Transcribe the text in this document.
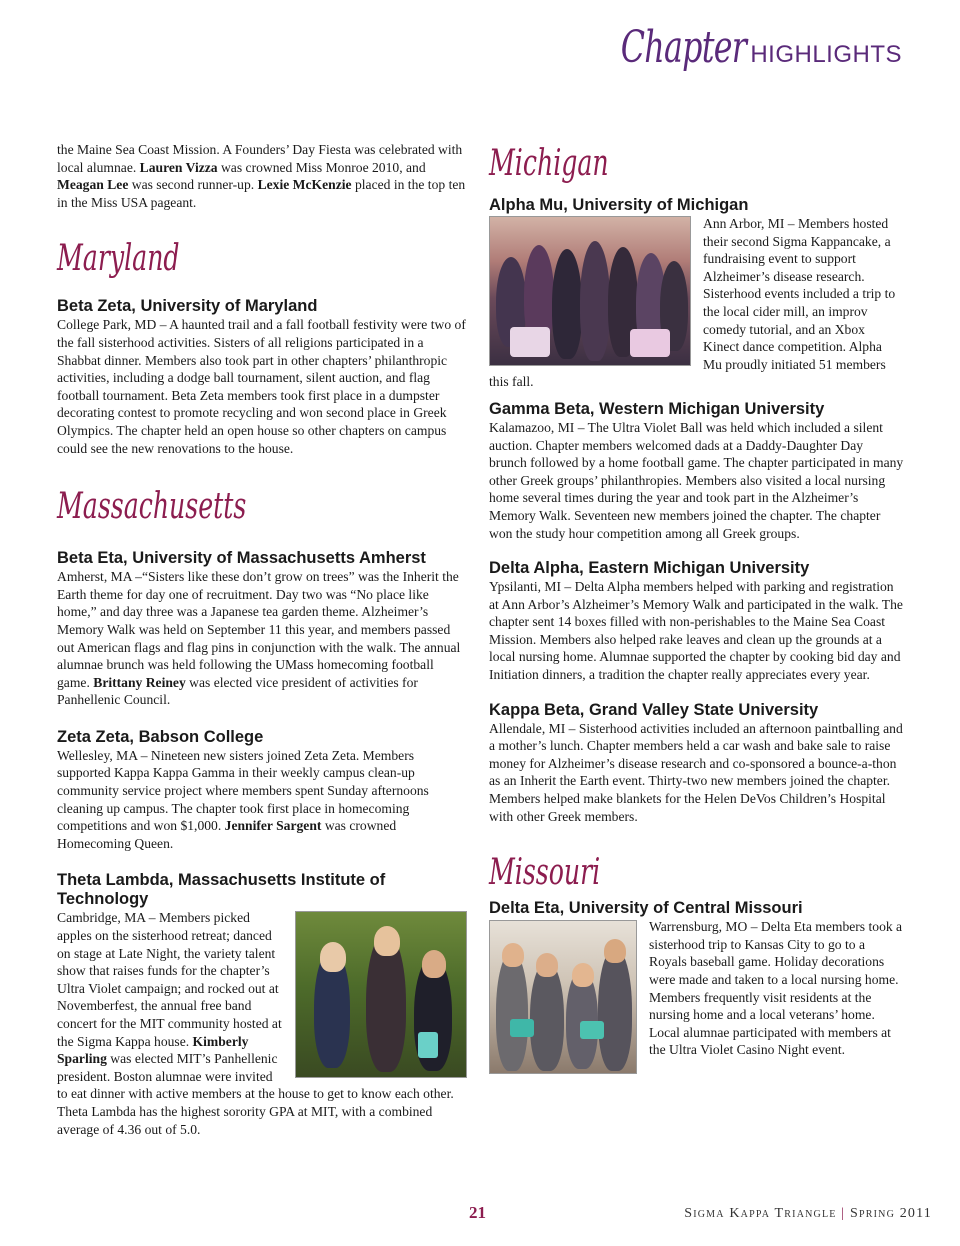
Chapter HIGHLIGHTS

the Maine Sea Coast Mission. A Founders’ Day Fiesta was celebrated with local alumnae. Lauren Vizza was crowned Miss Monroe 2010, and Meagan Lee was second runner-up. Lexie McKenzie placed in the top ten in the Miss USA pageant.

Maryland
Beta Zeta, University of Maryland

College Park, MD – A haunted trail and a fall football festivity were two of the fall sisterhood activities. Sisters of all religions participated in a Shabbat dinner. Members also took part in other chapters’ philanthropic activities, including a dodge ball tournament, silent auction, and flag football tournament. Beta Zeta members took first place in a dumpster decorating contest to promote recycling and won second place in Greek Olympics. The chapter held an open house so other chapters on campus could see the new renovations to the house.

Massachusetts
Beta Eta, University of Massachusetts Amherst

Amherst, MA –“Sisters like these don’t grow on trees” was the Inherit the Earth theme for day one of recruitment. Day two was “No place like home,” and day three was a Japanese tea garden theme. Alzheimer’s Memory Walk was held on September 11 this year, and members passed out American flags and flag pins in conjunction with the walk. The annual alumnae brunch was held following the UMass homecoming football game. Brittany Reiney was elected vice president of activities for Panhellenic Council.

Zeta Zeta, Babson College

Wellesley, MA – Nineteen new sisters joined Zeta Zeta. Members supported Kappa Kappa Gamma in their weekly campus clean-up community service project where members spent Sunday afternoons cleaning up campus. The chapter took first place in homecoming competitions and won $1,000. Jennifer Sargent was crowned Homecoming Queen.

Theta Lambda, Massachusetts Institute of Technology

Cambridge, MA – Members picked apples on the sisterhood retreat; danced on stage at Late Night, the variety talent show that raises funds for the chapter’s Ultra Violet campaign; and rocked out at Novemberfest, the annual free band concert for the MIT community hosted at the Sigma Kappa house. Kimberly Sparling was elected MIT’s Panhellenic president. Boston alumnae were invited to eat dinner with active members at the house to get to know each other. Theta Lambda has the highest sorority GPA at MIT, with a combined average of 4.36 out of 5.0.

Michigan
Alpha Mu, University of Michigan

Ann Arbor, MI – Members hosted their second Sigma Kappancake, a fundraising event to support Alzheimer’s disease research. Sisterhood events included a trip to the local cider mill, an improv comedy tutorial, and an Xbox Kinect dance competition. Alpha Mu proudly initiated 51 members this fall.

Gamma Beta, Western Michigan University

Kalamazoo, MI – The Ultra Violet Ball was held which included a silent auction. Chapter members welcomed dads at a Daddy-Daughter Day brunch followed by a home football game. The chapter participated in many other Greek groups’ philanthropies. Members also visited a local nursing home several times during the year and took part in the Alzheimer’s Memory Walk. Seventeen new members joined the chapter. The chapter won the study hour competition among all Greek groups.

Delta Alpha, Eastern Michigan University

Ypsilanti, MI – Delta Alpha members helped with parking and registration at Ann Arbor’s Alzheimer’s Memory Walk and participated in the walk. The chapter sent 14 boxes filled with non-perishables to the Maine Sea Coast Mission. Members also helped rake leaves and clean up the grounds at a local nursing home. Alumnae supported the chapter by cooking bid day and Initiation dinners, a tradition the chapter really appreciates every year.

Kappa Beta, Grand Valley State University

Allendale, MI – Sisterhood activities included an afternoon paintballing and a mother’s lunch. Chapter members held a car wash and bake sale to raise money for Alzheimer’s disease research and co-sponsored a bounce-a-thon as an Inherit the Earth event. Thirty-two new members joined the chapter. Members helped make blankets for the Helen DeVos Children’s Hospital with other Greek members.

Missouri
Delta Eta, University of Central Missouri

Warrensburg, MO – Delta Eta members took a sisterhood trip to Kansas City to go to a Royals baseball game. Holiday decorations were made and taken to a local nursing home. Members frequently visit residents at the nursing home and a local veterans’ home. Local alumnae participated with members at the Ultra Violet Casino Night event.

21	Sigma Kappa Triangle | Spring 2011
